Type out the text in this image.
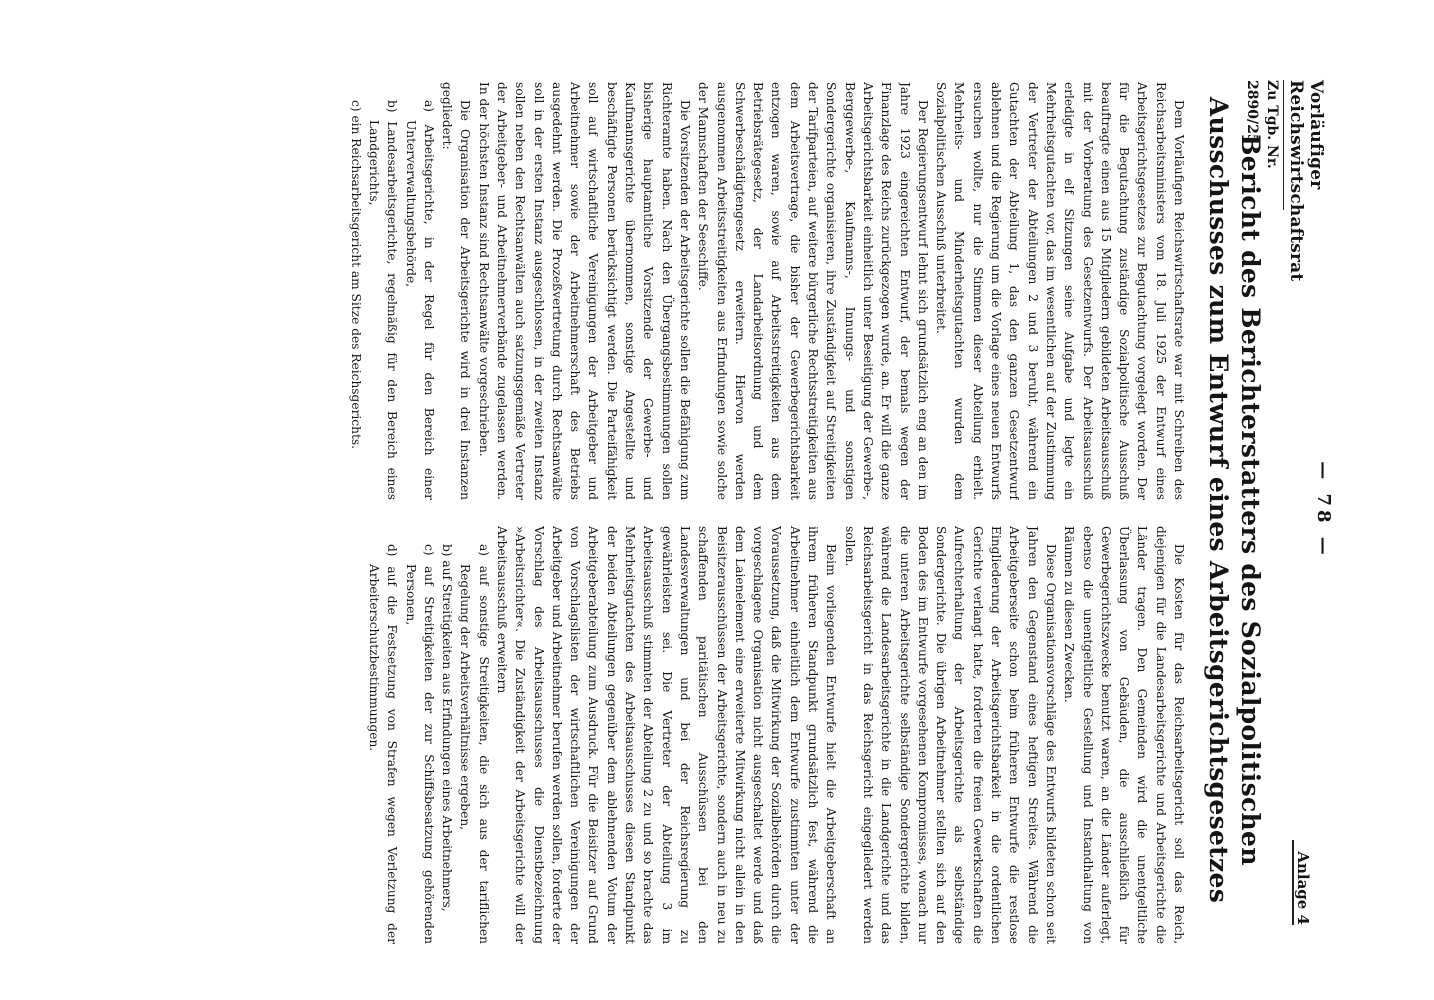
Vorläufiger Reichswirtschaftsrat
Zu Tgb. Nr. 2890/25
— 78 —
Anlage 4
Bericht des Berichterstatters des Sozialpolitischen Ausschusses zum Entwurf eines Arbeitsgerichtsgesetzes

Dem Vorläufigen Reichswirtschaftsrate war mit Schreiben des Reichsarbeitsministers vom 18. Juli 1925 der Entwurf eines Arbeitsgerichtsgesetzes zur Begutachtung vorgelegt worden. Der für die Begutachtung zuständige Sozialpolitische Ausschuß beauftragte einen aus 15 Mitgliedern gebildeten Arbeitsausschuß mit der Vorberatung des Gesetzentwurfs. Der Arbeitsausschuß erledigte in elf Sitzungen seine Aufgabe und legte ein Mehrheitsgutachten vor, das im wesentlichen auf der Zustimmung der Vertreter der Abteilungen 2 und 3 beruht, während ein Gutachten der Abteilung 1, das den ganzen Gesetzentwurf ablehnen und die Regierung um die Vorlage eines neuen Entwurfs ersuchen wollte, nur die Stimmen dieser Abteilung erhielt. Mehrheits- und Minderheitsgutachten wurden dem Sozialpolitischen Ausschuß unterbreitet.

Der Regierungsentwurf lehnt sich grundsätzlich eng an den im Jahre 1923 eingereichten Entwurf, der bemals wegen der Finanzlage des Reichs zurückgezogen wurde, an. Er will die ganze Arbeitsgerichtsbarkeit einheitlich unter Beseitigung der Gewerbe-, Berggewerbe-, Kaufmanns-, Innungs- und sonstigen Sondergerichte organisieren, ihre Zuständigkeit auf Streitigkeiten der Tarifparteien, auf weitere bürgerliche Rechtsstreitigkeiten aus dem Arbeitsvertrage, die bisher der Gewerbegerichtsbarkeit entzogen waren, sowie auf Arbeitsstreitigkeiten aus dem Betriebsrätegesetz, der Landarbeitsordnung und dem Schwerbeschädigtengesetz erweitern. Hiervon werden ausgenommen Arbeitsstreitigkeiten aus Erfindungen sowie solche der Mannschaften der Seeschiffe.

Die Vorsitzenden der Arbeitsgerichte sollen die Befähigung zum Richteramte haben. Nach den Übergangsbestimmungen sollen bisherige hauptamtliche Vorsitzende der Gewerbe- und Kaufmannsgerichte übernommen, sonstige Angestellte und beschäftigte Personen berücksichtigt werden. Die Parteifähigkeit soll auf wirtschaftliche Vereinigungen der Arbeitgeber und Arbeitnehmer sowie der Arbeitnehmerschaft des Betriebs ausgedehnt werden. Die Prozeßvertretung durch Rechtsanwälte soll in der ersten Instanz ausgeschlossen, in der zweiten Instanz sollen neben den Rechtsanwälten auch satzungsgemäße Vertreter der Arbeitgeber- und Arbeitnehmerverbände zugelassen werden. In der höchsten Instanz sind Rechtsanwälte vorgeschrieben.

Die Organisation der Arbeitsgerichte wird in drei Instanzen gegliedert:

a) Arbeitsgerichte, in der Regel für den Bereich einer Unterverwaltungsbehörde,
b) Landesarbeitsgerichte, regelmäßig für den Bereich eines Landgerichts,
c) ein Reichsarbeitsgericht am Sitze des Reichsgerichts.

Die Kosten für das Reichsarbeitsgericht soll das Reich, diejenigen für die Landesarbeitsgerichte und Arbeitsgerichte die Länder tragen. Den Gemeinden wird die unentgeltliche Überlassung von Gebäuden, die ausschließlich für Gewerbegerichtszwecke benutzt waren, an die Länder auferlegt, ebenso die unentgeltliche Gestellung und Instandhaltung von Räumen zu diesen Zwecken.

Diese Organisationsvorschläge des Entwurfs bildeten schon seit Jahren den Gegenstand eines heftigen Streites. Während die Arbeitgeberseite schon beim früheren Entwurfe die restlose Eingliederung der Arbeitsgerichtsbarkeit in die ordentlichen Gerichte verlangt hatte, forderten die freien Gewerkschaften die Aufrechterhaltung der Arbeitsgerichte als selbständige Sondergerichte. Die übrigen Arbeitnehmer stellten sich auf den Boden des im Entwurfe vorgesehenen Kompromisses, wonach nur die unteren Arbeitsgerichte selbständige Sondergerichte bilden, während die Landesarbeitsgerichte in die Landgerichte und das Reichsarbeitsgericht in das Reichsgericht eingegliedert werden sollen.

Beim vorliegenden Entwurfe hielt die Arbeitgeberschaft an ihrem früheren Standpunkt grundsätzlich fest, während die Arbeitnehmer einheitlich dem Entwurfe zustimmten unter der Voraussetzung, daß die Mitwirkung der Sozialbehörden durch die vorgeschlagene Organisation nicht ausgeschaltet werde und daß dem Laienelement eine erweiterte Mitwirkung nicht allein in den Beisitzerausschüssen der Arbeitsgerichte, sondern auch in neu zu schaffenden paritätischen Ausschüssen bei den Landesverwaltungen und bei der Reichsregierung zu gewährleisten sei. Die Vertreter der Abteilung 3 im Arbeitsausschuß stimmten der Abteilung 2 zu und so brachte das Mehrheitsgutachten des Arbeitsausschusses diesen Standpunkt der beiden Abteilungen gegenüber dem ablehnenden Votum der Arbeitgeberabteilung zum Ausdruck. Für die Beisitzer auf Grund von Vorschlagslisten der wirtschaftlichen Vereinigungen der Arbeitgeber und Arbeitnehmer berufen werden sollen, forderte der Vorschlag des Arbeitsausschusses die Dienstbezeichnung »Arbeitsrichter«. Die Zuständigkeit der Arbeitsgerichte will der Arbeitsausschuß erweitern

a) auf sonstige Streitigkeiten, die sich aus der tariflichen Regelung der Arbeitsverhältnisse ergeben,
b) auf Streitigkeiten aus Erfindungen eines Arbeitnehmers,
c) auf Streitigkeiten der zur Schiffsbesatzung gehörenden Personen,
d) auf die Festsetzung von Strafen wegen Verletzung der Arbeiterschutzbestimmungen.
